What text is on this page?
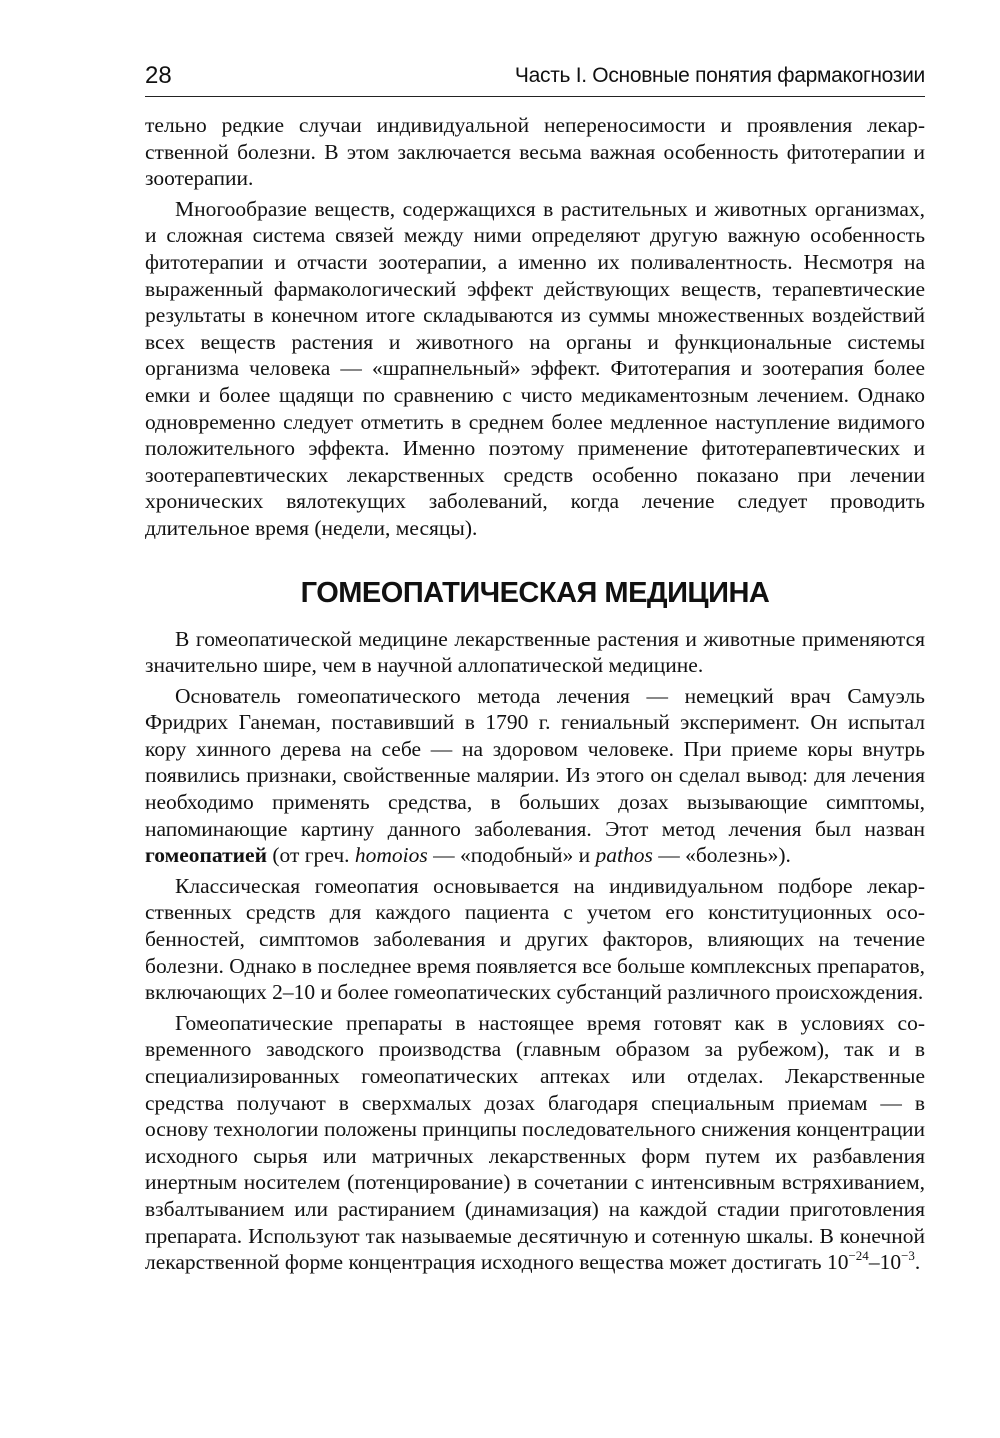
28	Часть I. Основные понятия фармакогнозии

тельно редкие случаи индивидуальной непереносимости и проявления лекарственной болезни. В этом заключается весьма важная особенность фитотерапии и зоотерапии.

Многообразие веществ, содержащихся в растительных и животных организмах, и сложная система связей между ними определяют другую важную особенность фитотерапии и отчасти зоотерапии, а именно их поливалентность. Несмотря на выраженный фармакологический эффект действующих веществ, терапевтические результаты в конечном итоге складываются из суммы множественных воздействий всех веществ растения и животного на органы и функциональные системы организма человека — «шрапнельный» эффект. Фитотерапия и зоотерапия более емки и более щадящи по сравнению с чисто медикаментозным лечением. Однако одновременно следует отметить в среднем более медленное наступление видимого положительного эффекта. Именно поэтому применение фитотерапевтических и зоотерапевтических лекарственных средств особенно показано при лечении хронических вялотекущих заболеваний, когда лечение следует проводить длительное время (недели, месяцы).

ГОМЕОПАТИЧЕСКАЯ МЕДИЦИНА

В гомеопатической медицине лекарственные растения и животные применяются значительно шире, чем в научной аллопатической медицине.

Основатель гомеопатического метода лечения — немецкий врач Самуэль Фридрих Ганеман, поставивший в 1790 г. гениальный эксперимент. Он испытал кору хинного дерева на себе — на здоровом человеке. При приеме коры внутрь появились признаки, свойственные малярии. Из этого он сделал вывод: для лечения необходимо применять средства, в больших дозах вызывающие симптомы, напоминающие картину данного заболевания. Этот метод лечения был назван гомеопатией (от греч. homoios — «подобный» и pathos — «болезнь»).

Классическая гомеопатия основывается на индивидуальном подборе лекарственных средств для каждого пациента с учетом его конституционных особенностей, симптомов заболевания и других факторов, влияющих на течение болезни. Однако в последнее время появляется все больше комплексных препаратов, включающих 2–10 и более гомеопатических субстанций различного происхождения.

Гомеопатические препараты в настоящее время готовят как в условиях современного заводского производства (главным образом за рубежом), так и в специализированных гомеопатических аптеках или отделах. Лекарственные средства получают в сверхмалых дозах благодаря специальным приемам — в основу технологии положены принципы последовательного снижения концентрации исходного сырья или матричных лекарственных форм путем их разбавления инертным носителем (потенцирование) в сочетании с интенсивным встряхиванием, взбалтыванием или растиранием (динамизация) на каждой стадии приготовления препарата. Используют так называемые десятичную и сотенную шкалы. В конечной лекарственной форме концентрация исходного вещества может достигать $10^{-24}-10^{-3}$.
